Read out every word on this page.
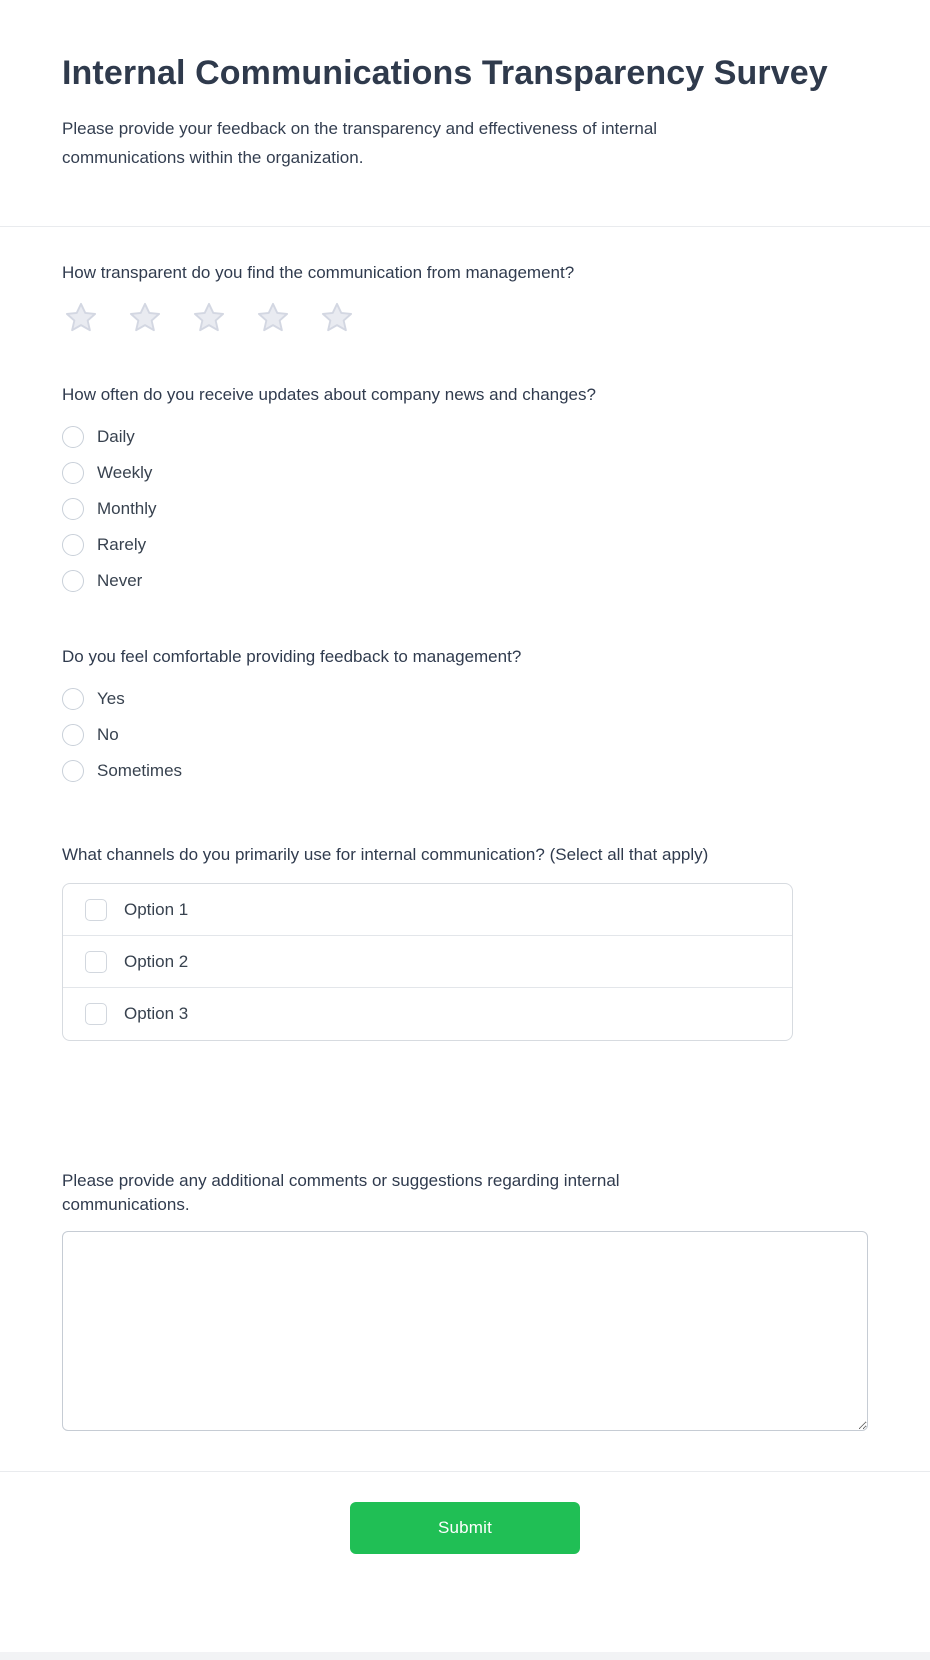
Internal Communications Transparency Survey

Please provide your feedback on the transparency and effectiveness of internal communications within the organization.

How transparent do you find the communication from management?
How often do you receive updates about company news and changes?
Daily
Weekly
Monthly
Rarely
Never
Do you feel comfortable providing feedback to management?
Yes
No
Sometimes
What channels do you primarily use for internal communication? (Select all that apply)
Option 1
Option 2
Option 3
Please provide any additional comments or suggestions regarding internal communications.
Submit
